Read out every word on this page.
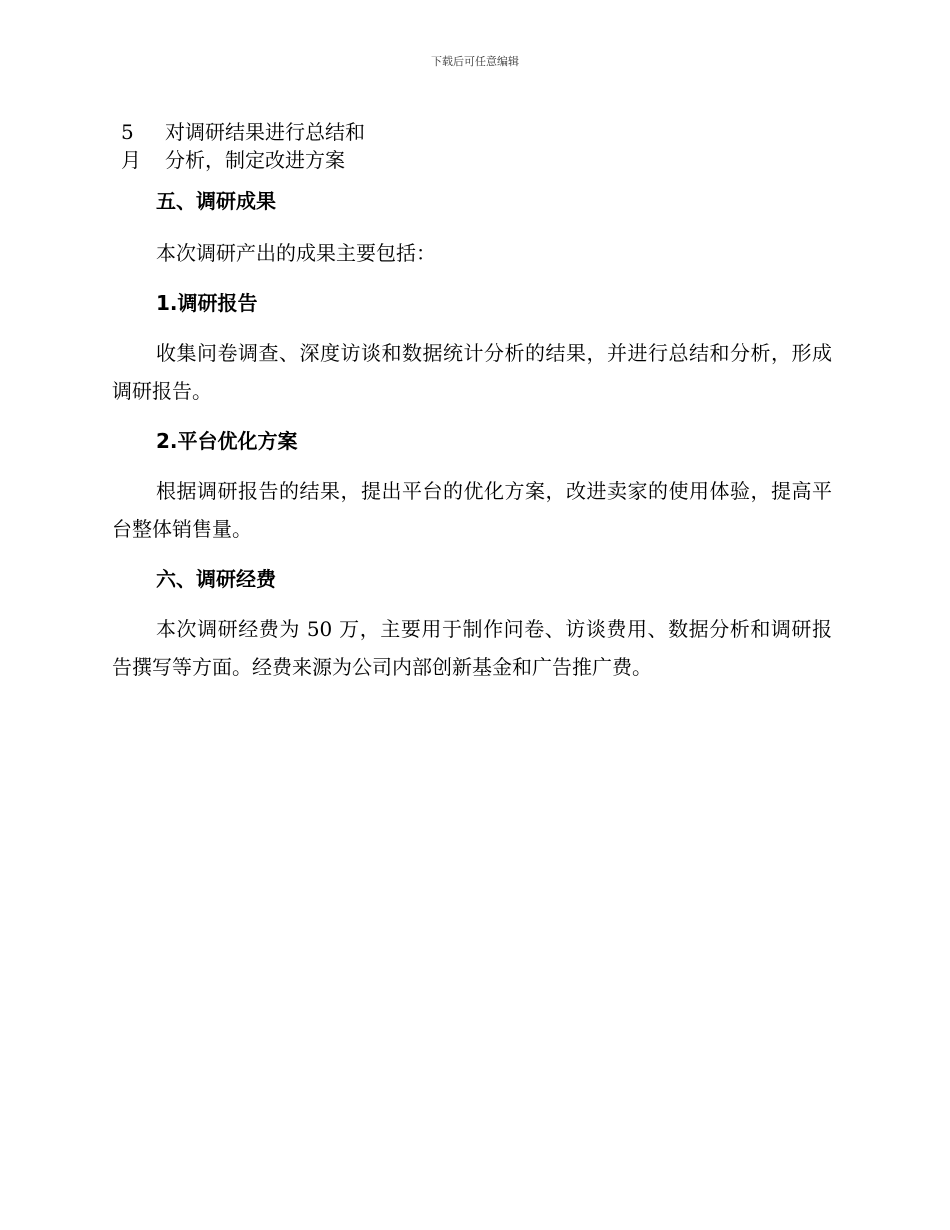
下载后可任意编辑
5	对调研结果进行总结和
月	分析，制定改进方案
五、调研成果

本次调研产出的成果主要包括：

1.调研报告

收集问卷调查、深度访谈和数据统计分析的结果，并进行总结和分析，形成调研报告。

2.平台优化方案

根据调研报告的结果，提出平台的优化方案，改进卖家的使用体验，提高平台整体销售量。

六、调研经费

本次调研经费为 50 万，主要用于制作问卷、访谈费用、数据分析和调研报告撰写等方面。经费来源为公司内部创新基金和广告推广费。
